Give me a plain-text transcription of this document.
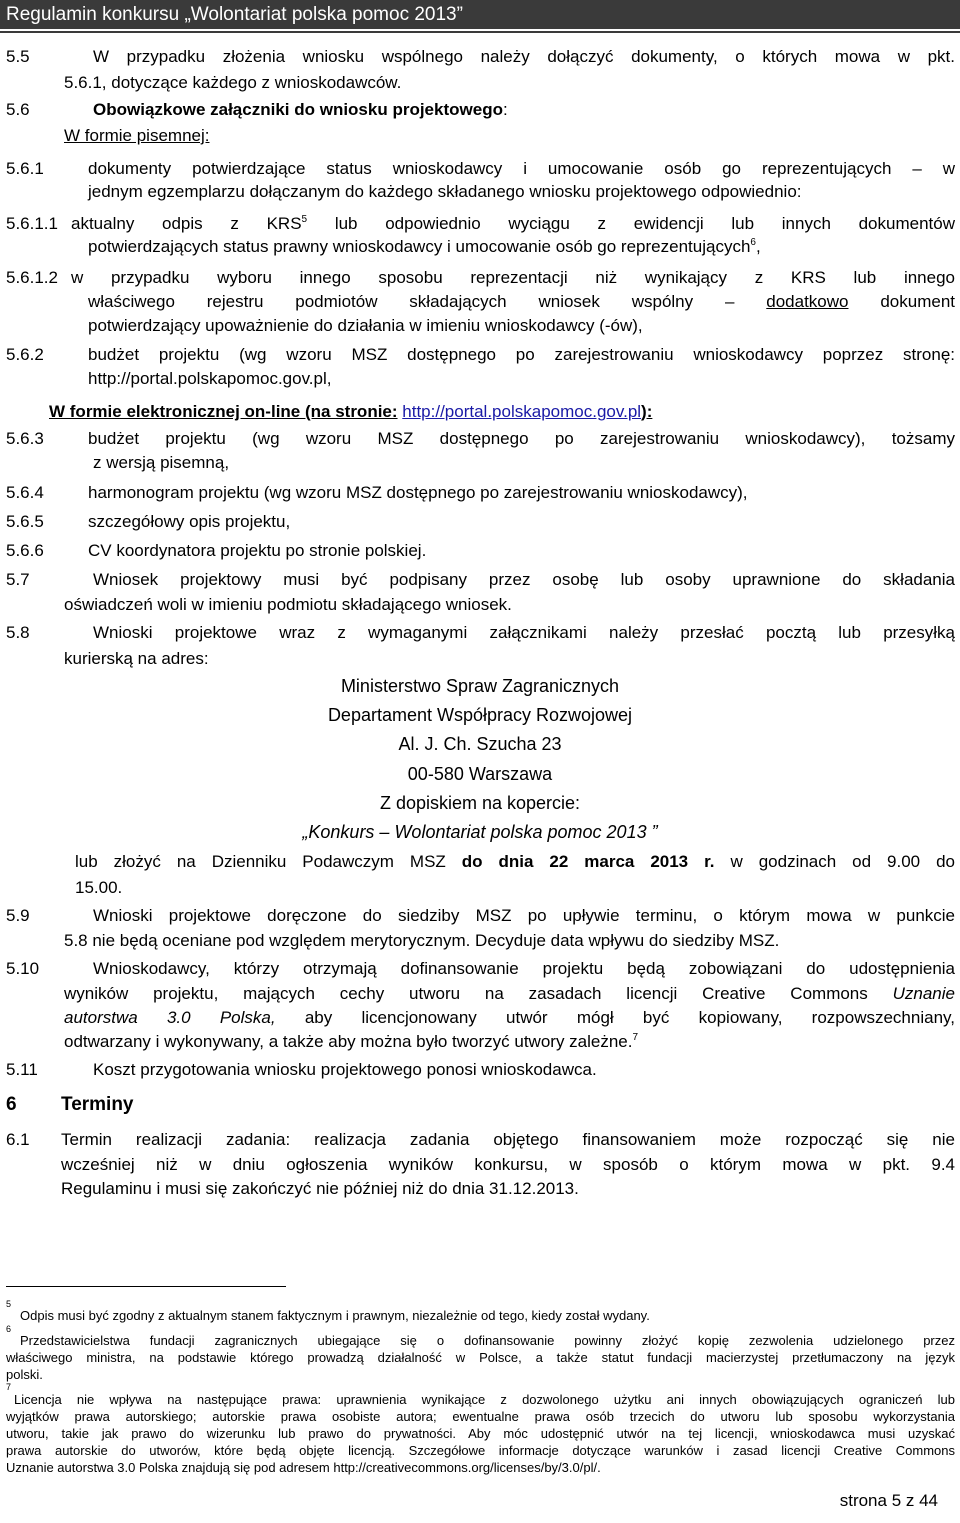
Regulamin konkursu „Wolontariat polska pomoc 2013”
5.5	W przypadku złożenia wniosku wspólnego należy dołączyć dokumenty, o których mowa w pkt.
5.6.1, dotyczące każdego z wnioskodawców.
5.6	Obowiązkowe załączniki do wniosku projektowego:
W formie pisemnej:
5.6.1	dokumenty potwierdzające status wnioskodawcy i umocowanie osób go reprezentujących – w
jednym egzemplarzu dołączanym do każdego składanego wniosku projektowego odpowiednio:
5.6.1.1 aktualny odpis z KRS$^5$ lub odpowiednio wyciągu z ewidencji lub innych dokumentów
potwierdzających status prawny wnioskodawcy i umocowanie osób go reprezentujących$^6$,
5.6.1.2 w przypadku wyboru innego sposobu reprezentacji niż wynikający z KRS lub innego
właściwego rejestru podmiotów składających wniosek wspólny – dodatkowo dokument
potwierdzający upoważnienie do działania w imieniu wnioskodawcy (-ów),
5.6.2	budżet projektu (wg wzoru MSZ dostępnego po zarejestrowaniu wnioskodawcy poprzez stronę:
http://portal.polskapomoc.gov.pl,
W formie elektronicznej on-line (na stronie: http://portal.polskapomoc.gov.pl):
5.6.3	budżet projektu (wg wzoru MSZ dostępnego po zarejestrowaniu wnioskodawcy), tożsamy
z wersją pisemną,
5.6.4	harmonogram projektu (wg wzoru MSZ dostępnego po zarejestrowaniu wnioskodawcy),
5.6.5	szczegółowy opis projektu,
5.6.6	CV koordynatora projektu po stronie polskiej.
5.7	Wniosek projektowy musi być podpisany przez osobę lub osoby uprawnione do składania
oświadczeń woli w imieniu podmiotu składającego wniosek.
5.8	Wnioski projektowe wraz z wymaganymi załącznikami należy przesłać pocztą lub przesyłką
kurierską na adres:
Ministerstwo Spraw Zagranicznych
Departament Współpracy Rozwojowej
Al. J. Ch. Szucha 23
00-580 Warszawa
Z dopiskiem na kopercie:
„Konkurs – Wolontariat polska pomoc 2013 ”
lub złożyć na Dzienniku Podawczym MSZ do dnia 22 marca 2013 r. w godzinach od 9.00 do
15.00.
5.9	Wnioski projektowe doręczone do siedziby MSZ po upływie terminu, o którym mowa w punkcie
5.8 nie będą oceniane pod względem merytorycznym. Decyduje data wpływu do siedziby MSZ.
5.10	Wnioskodawcy, którzy otrzymają dofinansowanie projektu będą zobowiązani do udostępnienia
wyników projektu, mających cechy utworu na zasadach licencji Creative Commons Uznanie
autorstwa 3.0 Polska, aby licencjonowany utwór mógł być kopiowany, rozpowszechniany,
odtwarzany i wykonywany, a także aby można było tworzyć utwory zależne.$^7$
5.11	Koszt przygotowania wniosku projektowego ponosi wnioskodawca.
6 Terminy
6.1 Termin realizacji zadania: realizacja zadania objętego finansowaniem może rozpocząć się nie
wcześniej niż w dniu ogłoszenia wyników konkursu, w sposób o którym mowa w pkt. 9.4
Regulaminu i musi się zakończyć nie później niż do dnia 31.12.2013.
5
Odpis musi być zgodny z aktualnym stanem faktycznym i prawnym, niezależnie od tego, kiedy został wydany.
6
Przedstawicielstwa fundacji zagranicznych ubiegające się o dofinansowanie powinny złożyć kopię zezwolenia udzielonego przez
właściwego ministra, na podstawie którego prowadzą działalność w Polsce, a także statut fundacji macierzystej przetłumaczony na język
polski.
7
Licencja nie wpływa na następujące prawa: uprawnienia wynikające z dozwolonego użytku ani innych obowiązujących ograniczeń lub
wyjątków prawa autorskiego; autorskie prawa osobiste autora; ewentualne prawa osób trzecich do utworu lub sposobu wykorzystania
utworu, takie jak prawo do wizerunku lub prawo do prywatności. Aby móc udostępnić utwór na tej licencji, wnioskodawca musi uzyskać
prawa autorskie do utworów, które będą objęte licencją. Szczegółowe informacje dotyczące warunków i zasad licencji Creative Commons
Uznanie autorstwa 3.0 Polska znajdują się pod adresem http://creativecommons.org/licenses/by/3.0/pl/.
strona 5 z 44
